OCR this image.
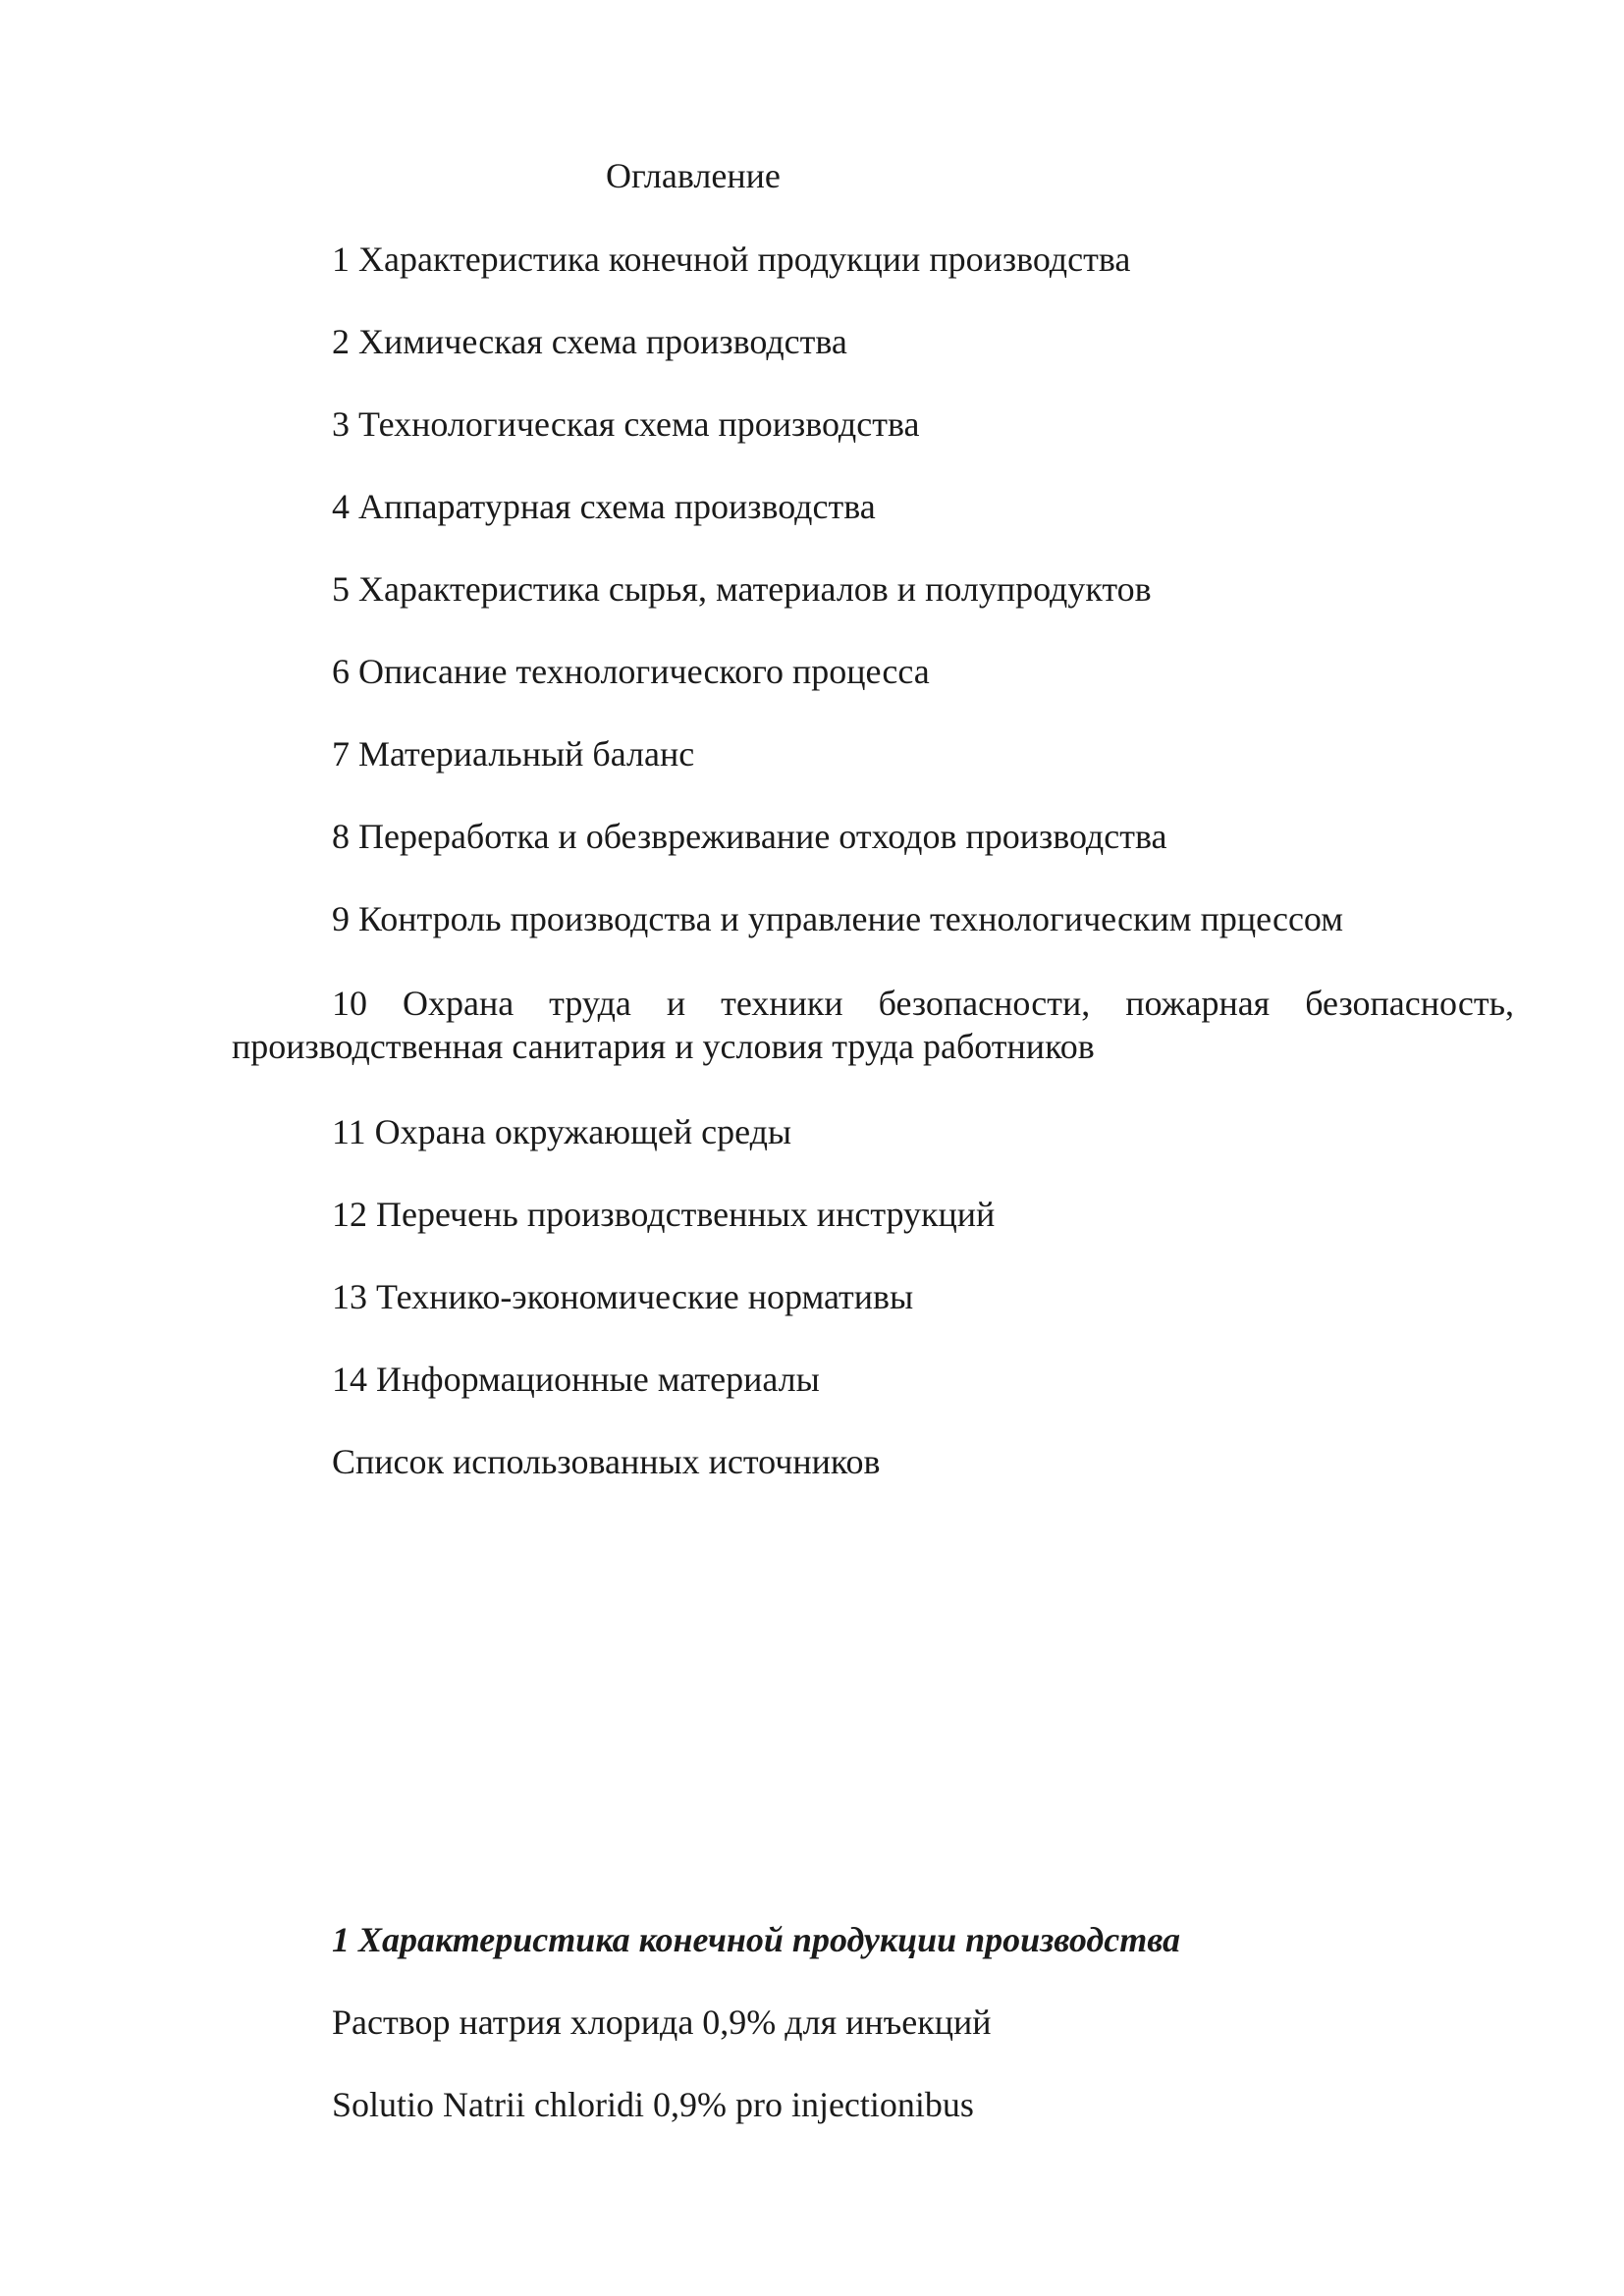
Оглавление
1 Характеристика конечной продукции производства
2 Химическая схема производства
3 Технологическая схема производства
4 Аппаратурная схема производства
5 Характеристика сырья, материалов и полупродуктов
6 Описание технологического процесса
7 Материальный баланс
8 Переработка и обезвреживание отходов производства
9 Контроль производства и управление технологическим прцессом
10 Охрана труда и техники безопасности, пожарная безопасность,
производственная санитария и условия труда работников
11 Охрана окружающей среды
12 Перечень производственных инструкций
13 Технико-экономические нормативы
14 Информационные материалы
Список использованных источников
1 Характеристика конечной продукции производства
Раствор натрия хлорида 0,9% для инъекций
Solutio Natrii chloridi 0,9% pro injectionibus
